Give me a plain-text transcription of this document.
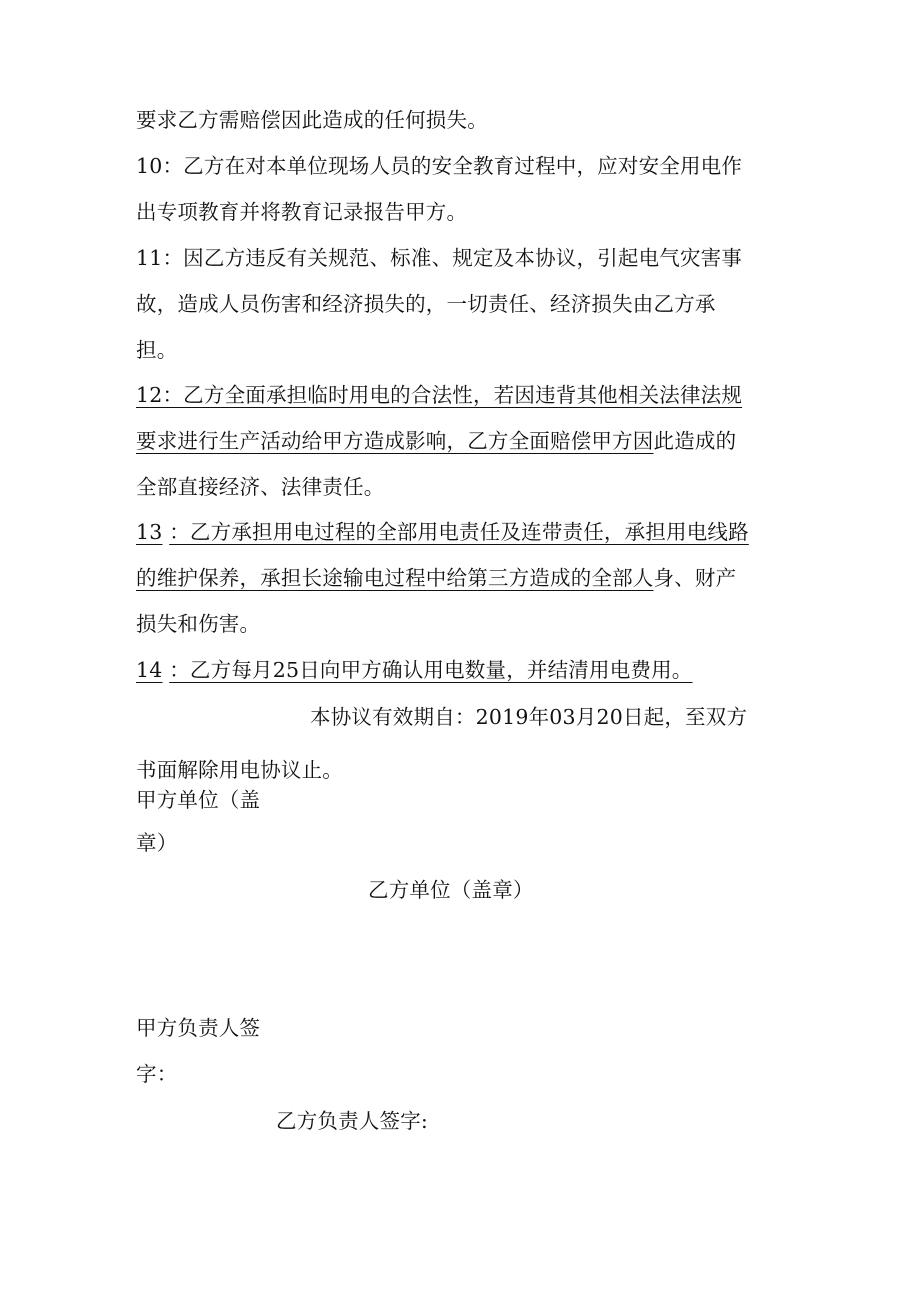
要求乙方需赔偿因此造成的任何损失。
10：乙方在对本单位现场人员的安全教育过程中，应对安全用电作
出专项教育并将教育记录报告甲方。
11：因乙方违反有关规范、标准、规定及本协议，引起电气灾害事
故，造成人员伤害和经济损失的，一切责任、经济损失由乙方承
担。
12：乙方全面承担临时用电的合法性，若因违背其他相关法律法规
要求进行生产活动给甲方造成影响，乙方全面赔偿甲方因此造成的
全部直接经济、法律责任。
13 ：乙方承担用电过程的全部用电责任及连带责任，承担用电线路
的维护保养，承担长途输电过程中给第三方造成的全部人身、财产
损失和伤害。
14 ：乙方每月25日向甲方确认用电数量，并结清用电费用。
本协议有效期自：2019年03月20日起，至双方
书面解除用电协议止。
甲方单位（盖
章）
乙方单位（盖章）
甲方负责人签
字：
乙方负责人签字:
